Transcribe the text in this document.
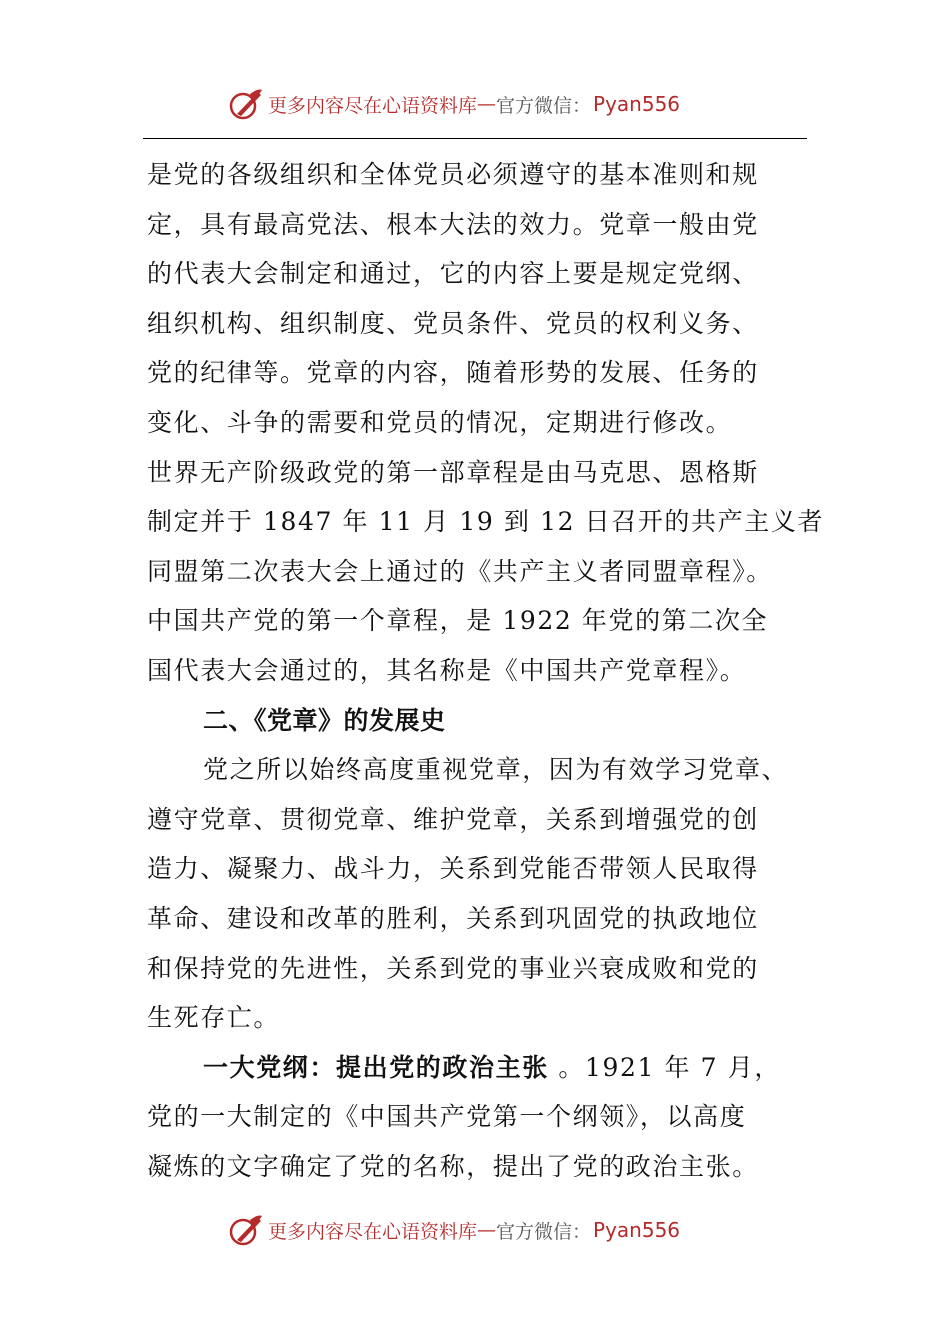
更多内容尽在心语资料库 — 官方微信： Pyan556
是党的各级组织和全体党员必须遵守的基本准则和规
定，具有最高党法、根本大法的效力。党章一般由党
的代表大会制定和通过，它的内容上要是规定党纲、
组织机构、组织制度、党员条件、党员的权利义务、
党的纪律等。党章的内容，随着形势的发展、任务的
变化、斗争的需要和党员的情况，定期进行修改。
世界无产阶级政党的第一部章程是由马克思、恩格斯
制定并于 1847 年 11 月 19 到 12 日召开的共产主义者
同盟第二次表大会上通过的《共产主义者同盟章程》。
中国共产党的第一个章程，是 1922 年党的第二次全
国代表大会通过的，其名称是《中国共产党章程》。
二、《党章》的发展史
党之所以始终高度重视党章，因为有效学习党章、
遵守党章、贯彻党章、维护党章，关系到增强党的创
造力、凝聚力、战斗力，关系到党能否带领人民取得
革命、建设和改革的胜利，关系到巩固党的执政地位
和保持党的先进性，关系到党的事业兴衰成败和党的
生死存亡。
一大党纲：提出党的政治主张 。1921 年 7 月，
党的一大制定的《中国共产党第一个纲领》，以高度
凝炼的文字确定了党的名称，提出了党的政治主张。
更多内容尽在心语资料库 — 官方微信： Pyan556
